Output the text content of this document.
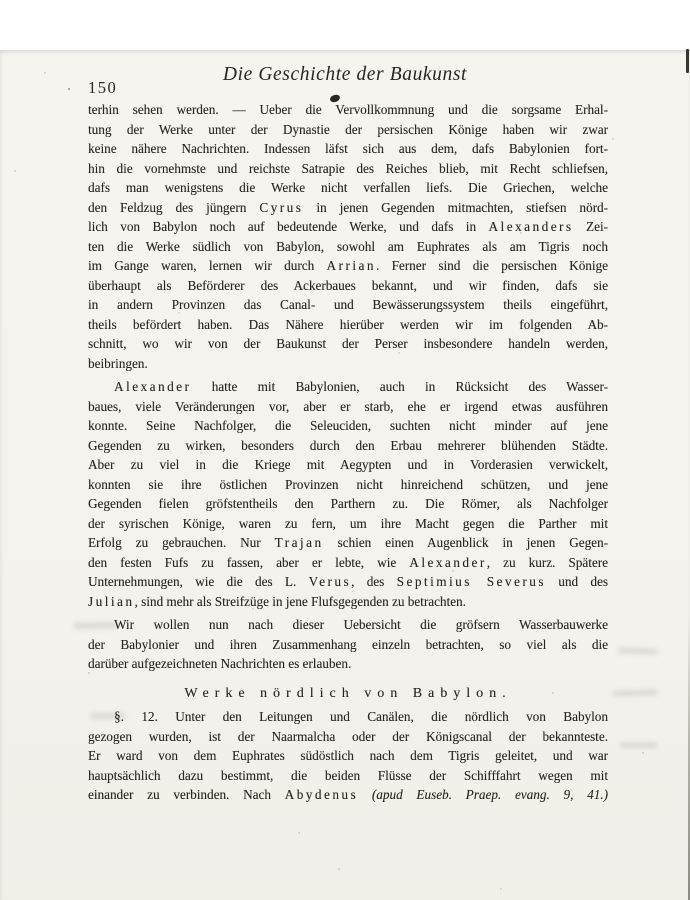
150
Die Geschichte der Baukunst
terhin sehen werden. — Ueber die Vervollkommnung und die sorgsame Erhal-
tung der Werke unter der Dynastie der persischen Könige haben wir zwar
keine nähere Nachrichten. Indessen läfst sich aus dem, dafs Babylonien fort-
hin die vornehmste und reichste Satrapie des Reiches blieb, mit Recht schliefsen,
dafs man wenigstens die Werke nicht verfallen liefs. Die Griechen, welche
den Feldzug des jüngern Cyrus in jenen Gegenden mitmachten, stiefsen nörd-
lich von Babylon noch auf bedeutende Werke, und dafs in Alexanders Zei-
ten die Werke südlich von Babylon, sowohl am Euphrates als am Tigris noch
im Gange waren, lernen wir durch Arrian. Ferner sind die persischen Könige
überhaupt als Beförderer des Ackerbaues bekannt, und wir finden, dafs sie
in andern Provinzen das Canal- und Bewässerungssystem theils eingeführt,
theils befördert haben. Das Nähere hierüber werden wir im folgenden Ab-
schnitt, wo wir von der Baukunst der Perser insbesondere handeln werden,
beibringen.
Alexander hatte mit Babylonien, auch in Rücksicht des Wasser-
baues, viele Veränderungen vor, aber er starb, ehe er irgend etwas ausführen
konnte. Seine Nachfolger, die Seleuciden, suchten nicht minder auf jene
Gegenden zu wirken, besonders durch den Erbau mehrerer blühenden Städte.
Aber zu viel in die Kriege mit Aegypten und in Vorderasien verwickelt,
konnten sie ihre östlichen Provinzen nicht hinreichend schützen, und jene
Gegenden fielen gröfstentheils den Parthern zu. Die Römer, als Nachfolger
der syrischen Könige, waren zu fern, um ihre Macht gegen die Parther mit
Erfolg zu gebrauchen. Nur Trajan schien einen Augenblick in jenen Gegen-
den festen Fufs zu fassen, aber er lebte, wie Alexander, zu kurz. Spätere
Unternehmungen, wie die des L. Verus, des Septimius Severus und des
Julian, sind mehr als Streifzüge in jene Flufsgegenden zu betrachten.
Wir wollen nun nach dieser Uebersicht die gröfsern Wasserbauwerke
der Babylonier und ihren Zusammenhang einzeln betrachten, so viel als die
darüber aufgezeichneten Nachrichten es erlauben.
Werke nördlich von Babylon.
§. 12. Unter den Leitungen und Canälen, die nördlich von Babylon
gezogen wurden, ist der Naarmalcha oder der Königscanal der bekannteste.
Er ward von dem Euphrates südöstlich nach dem Tigris geleitet, und war
hauptsächlich dazu bestimmt, die beiden Flüsse der Schifffahrt wegen mit
einander zu verbinden. Nach Abydenus (apud Euseb. Praep. evang. 9, 41.)
